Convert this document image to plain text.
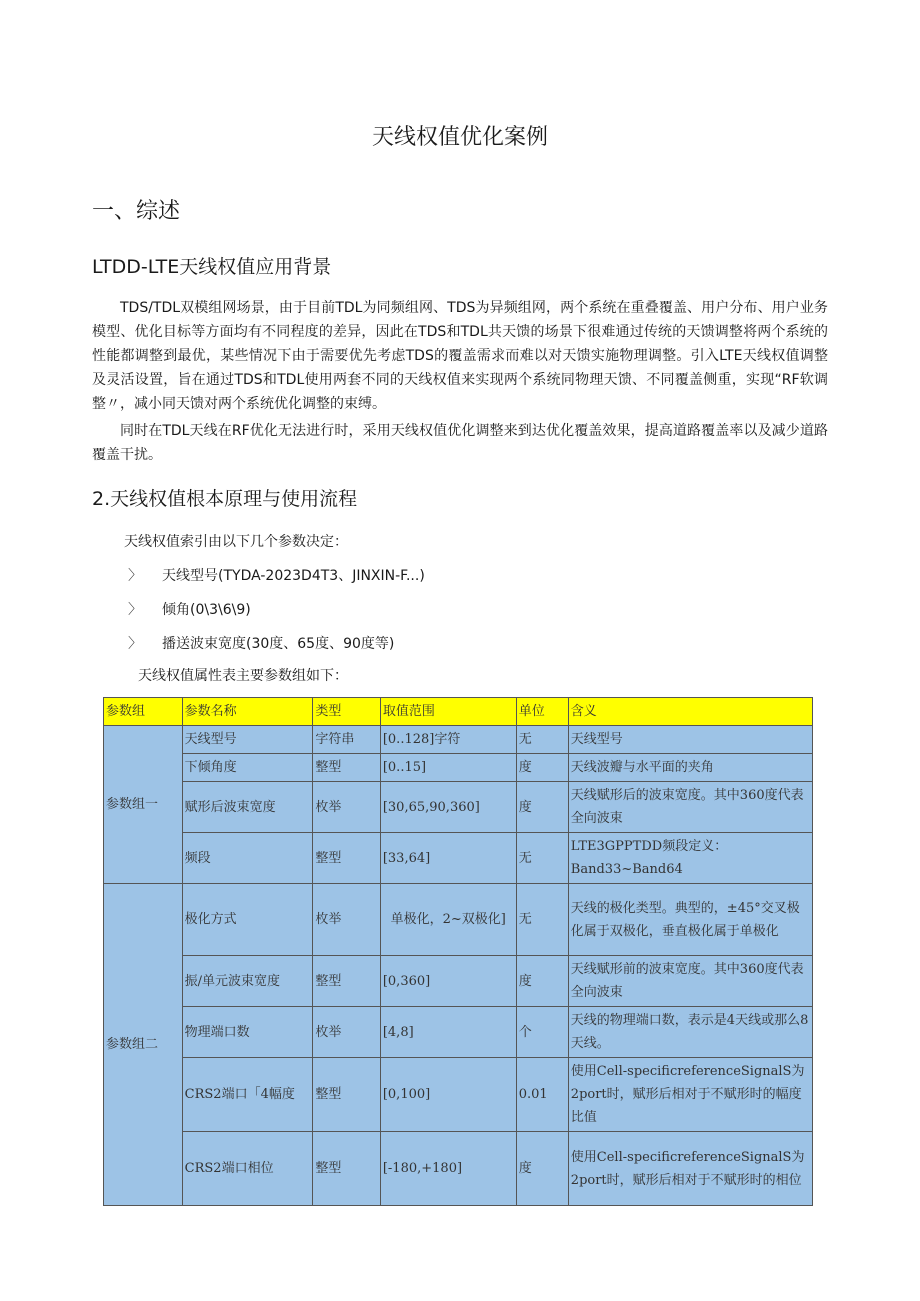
天线权值优化案例
一、综述
LTDD-LTE天线权值应用背景
TDS/TDL双模组网场景，由于目前TDL为同频组网、TDS为异频组网，两个系统在重叠覆盖、用户分布、用户业务模型、优化目标等方面均有不同程度的差异，因此在TDS和TDL共天馈的场景下很难通过传统的天馈调整将两个系统的性能都调整到最优，某些情况下由于需要优先考虑TDS的覆盖需求而难以对天馈实施物理调整。引入LTE天线权值调整及灵活设置，旨在通过TDS和TDL使用两套不同的天线权值来实现两个系统同物理天馈、不同覆盖侧重，实现“RF软调整〃，减小同天馈对两个系统优化调整的束缚。
同时在TDL天线在RF优化无法进行时，采用天线权值优化调整来到达优化覆盖效果，提高道路覆盖率以及减少道路覆盖干扰。
2.天线权值根本原理与使用流程
天线权值索引由以下几个参数决定：
〉	天线型号(TYDA-2023D4T3、JINXIN-F...)
〉	倾角(0\3\6\9)
〉	播送波束宽度(30度、65度、90度等)
天线权值属性表主要参数组如下：
参数组	参数名称	类型	取值范围	单位	含义
参数组一	天线型号	字符串	[0..128]字符	无	天线型号
	下倾角度	整型	[0..15]	度	天线波瓣与水平面的夹角
	赋形后波束宽度	枚举	[30,65,90,360]	度	天线赋形后的波束宽度。其中360度代表全向波束
	频段	整型	[33,64]	无	LTE3GPPTDD频段定义：Band33~Band64
参数组二	极化方式	枚举	单极化，2~双极化]	无	天线的极化类型。典型的，±45°交叉极化属于双极化，垂直极化属于单极化
	振/单元波束宽度	整型	[0,360]	度	天线赋形前的波束宽度。其中360度代表全向波束
	物理端口数	枚举	[4,8]	个	天线的物理端口数，表示是4天线或那么8天线。
	CRS2端口「4幅度	整型	[0,100]	0.01	使用Cell-specificreferenceSignalS为2port时，赋形后相对于不赋形时的幅度比值
	CRS2端口相位	整型	[-180,+180]	度	使用Cell-specificreferenceSignalS为2port时，赋形后相对于不赋形时的相位
